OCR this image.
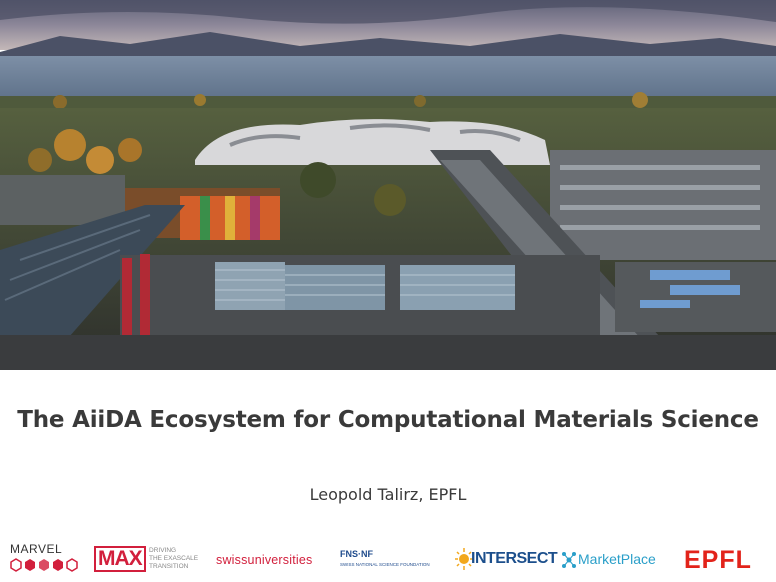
The AiiDA Ecosystem for Computational Materials Science
Leopold Talirz, EPFL
MARVEL MAX	DRIVING
THE EXASCALE
TRANSITION	swissuniversities	FNS·NF
SWISS NATIONAL SCIENCE FOUNDATION	INTERSECT MarketPlace EPFL
